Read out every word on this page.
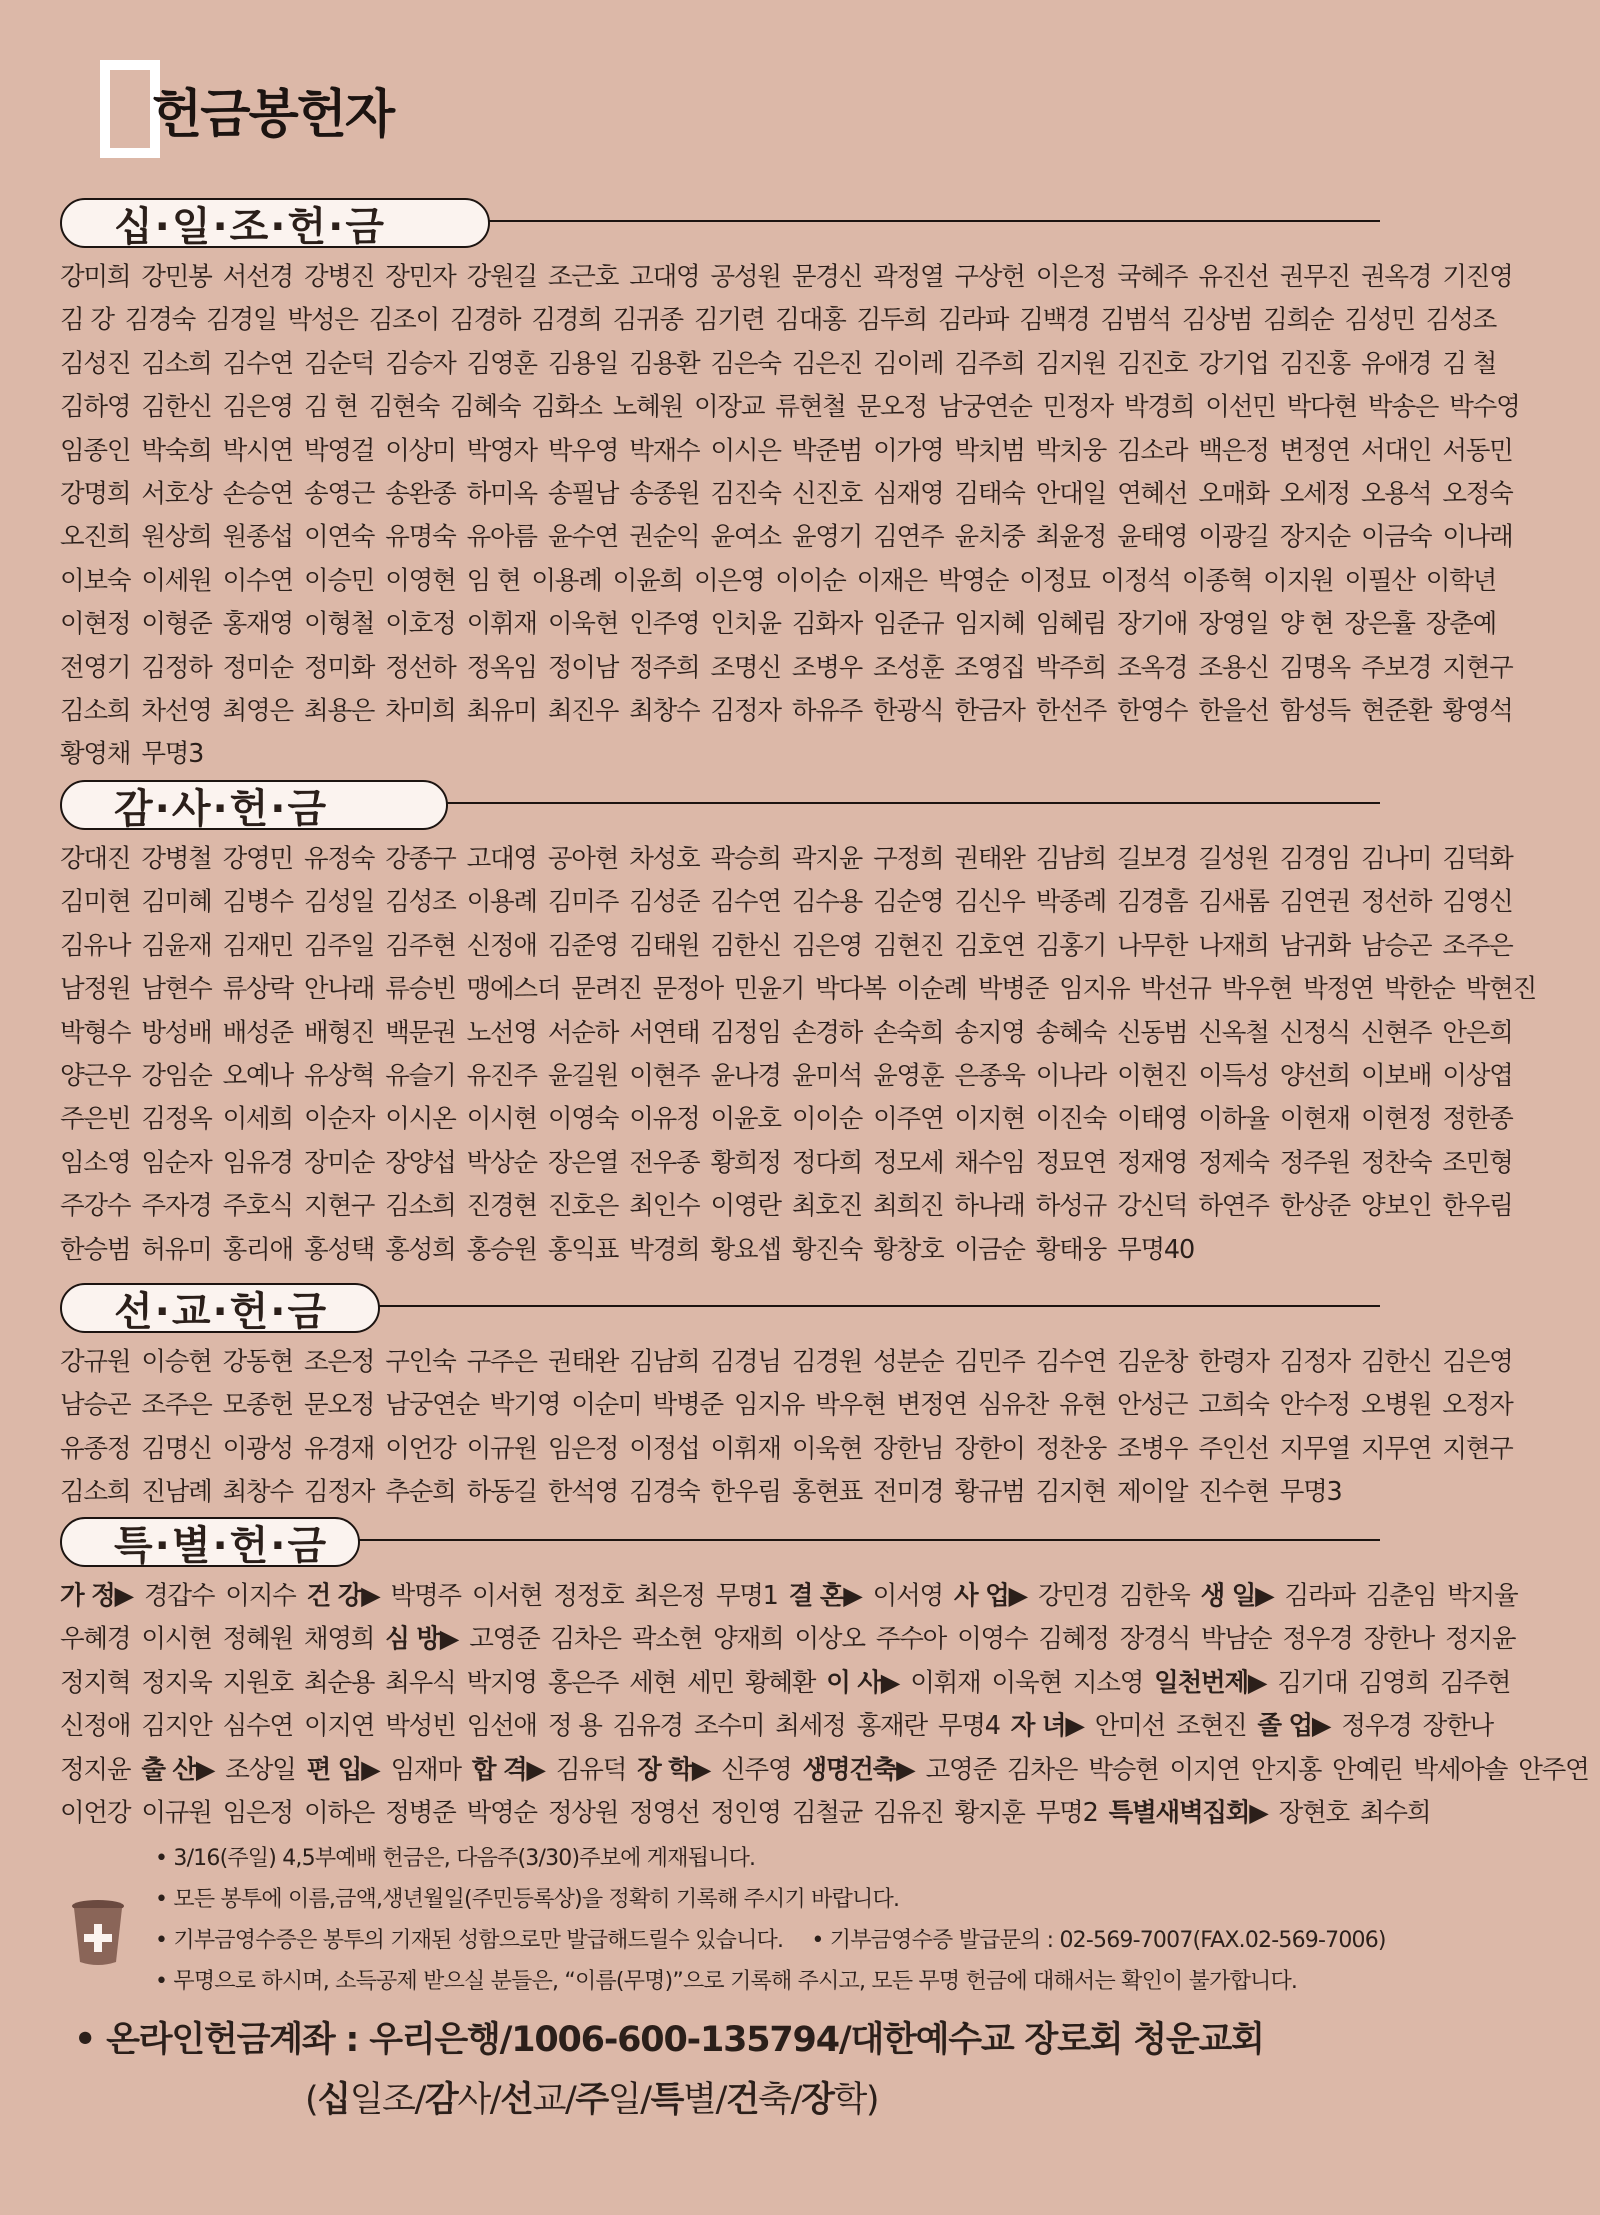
헌금봉헌자
십·일·조·헌·금
강미희 강민봉 서선경 강병진 장민자 강원길 조근호 고대영 공성원 문경신 곽정열 구상헌 이은정 국혜주 유진선 권무진 권옥경 기진영
김 강 김경숙 김경일 박성은 김조이 김경하 김경희 김귀종 김기련 김대홍 김두희 김라파 김백경 김범석 김상범 김희순 김성민 김성조
김성진 김소희 김수연 김순덕 김승자 김영훈 김용일 김용환 김은숙 김은진 김이레 김주희 김지원 김진호 강기업 김진홍 유애경 김 철
김하영 김한신 김은영 김 현 김현숙 김혜숙 김화소 노혜원 이장교 류현철 문오정 남궁연순 민정자 박경희 이선민 박다현 박송은 박수영
임종인 박숙희 박시연 박영걸 이상미 박영자 박우영 박재수 이시은 박준범 이가영 박치범 박치웅 김소라 백은정 변정연 서대인 서동민
강명희 서호상 손승연 송영근 송완종 하미옥 송필남 송종원 김진숙 신진호 심재영 김태숙 안대일 연혜선 오매화 오세정 오용석 오정숙
오진희 원상희 원종섭 이연숙 유명숙 유아름 윤수연 권순익 윤여소 윤영기 김연주 윤치중 최윤정 윤태영 이광길 장지순 이금숙 이나래
이보숙 이세원 이수연 이승민 이영현 임 현 이용례 이윤희 이은영 이이순 이재은 박영순 이정묘 이정석 이종혁 이지원 이필산 이학년
이현정 이형준 홍재영 이형철 이호정 이휘재 이욱현 인주영 인치윤 김화자 임준규 임지혜 임혜림 장기애 장영일 양 현 장은휼 장춘예
전영기 김정하 정미순 정미화 정선하 정옥임 정이남 정주희 조명신 조병우 조성훈 조영집 박주희 조옥경 조용신 김명옥 주보경 지현구
김소희 차선영 최영은 최용은 차미희 최유미 최진우 최창수 김정자 하유주 한광식 한금자 한선주 한영수 한을선 함성득 현준환 황영석
황영채 무명3
감·사·헌·금
강대진 강병철 강영민 유정숙 강종구 고대영 공아현 차성호 곽승희 곽지윤 구정희 권태완 김남희 길보경 길성원 김경임 김나미 김덕화
김미현 김미혜 김병수 김성일 김성조 이용례 김미주 김성준 김수연 김수용 김순영 김신우 박종례 김경흠 김새롬 김연권 정선하 김영신
김유나 김윤재 김재민 김주일 김주현 신정애 김준영 김태원 김한신 김은영 김현진 김호연 김홍기 나무한 나재희 남귀화 남승곤 조주은
남정원 남현수 류상락 안나래 류승빈 맹에스더 문려진 문정아 민윤기 박다복 이순례 박병준 임지유 박선규 박우현 박정연 박한순 박현진
박형수 방성배 배성준 배형진 백문권 노선영 서순하 서연태 김정임 손경하 손숙희 송지영 송혜숙 신동범 신옥철 신정식 신현주 안은희
양근우 강임순 오예나 유상혁 유슬기 유진주 윤길원 이현주 윤나경 윤미석 윤영훈 은종욱 이나라 이현진 이득성 양선희 이보배 이상엽
주은빈 김정옥 이세희 이순자 이시온 이시현 이영숙 이유정 이윤호 이이순 이주연 이지현 이진숙 이태영 이하율 이현재 이현정 정한종
임소영 임순자 임유경 장미순 장양섭 박상순 장은열 전우종 황희정 정다희 정모세 채수임 정묘연 정재영 정제숙 정주원 정찬숙 조민형
주강수 주자경 주호식 지현구 김소희 진경현 진호은 최인수 이영란 최호진 최희진 하나래 하성규 강신덕 하연주 한상준 양보인 한우림
한승범 허유미 홍리애 홍성택 홍성희 홍승원 홍익표 박경희 황요셉 황진숙 황창호 이금순 황태웅 무명40
선·교·헌·금
강규원 이승현 강동현 조은정 구인숙 구주은 권태완 김남희 김경님 김경원 성분순 김민주 김수연 김운창 한령자 김정자 김한신 김은영
남승곤 조주은 모종헌 문오정 남궁연순 박기영 이순미 박병준 임지유 박우현 변정연 심유찬 유현 안성근 고희숙 안수정 오병원 오정자
유종정 김명신 이광성 유경재 이언강 이규원 임은정 이정섭 이휘재 이욱현 장한님 장한이 정찬웅 조병우 주인선 지무열 지무연 지현구
김소희 진남례 최창수 김정자 추순희 하동길 한석영 김경숙 한우림 홍현표 전미경 황규범 김지현 제이알 진수현 무명3
특·별·헌·금
가 정▶ 경갑수 이지수 건 강▶ 박명주 이서현 정정호 최은정 무명1 결 혼▶ 이서영 사 업▶ 강민경 김한욱 생 일▶ 김라파 김춘임 박지율
우혜경 이시현 정혜원 채영희 심 방▶ 고영준 김차은 곽소현 양재희 이상오 주수아 이영수 김혜정 장경식 박남순 정우경 장한나 정지윤
정지혁 정지욱 지원호 최순용 최우식 박지영 홍은주 세현 세민 황혜환 이 사▶ 이휘재 이욱현 지소영 일천번제▶ 김기대 김영희 김주현
신정애 김지안 심수연 이지연 박성빈 임선애 정 용 김유경 조수미 최세정 홍재란 무명4 자 녀▶ 안미선 조현진 졸 업▶ 정우경 장한나
정지윤 출 산▶ 조상일 편 입▶ 임재마 합 격▶ 김유덕 장 학▶ 신주영 생명건축▶ 고영준 김차은 박승현 이지연 안지홍 안예린 박세아솔 안주연
이언강 이규원 임은정 이하은 정병준 박영순 정상원 정영선 정인영 김철균 김유진 황지훈 무명2 특별새벽집회▶ 장현호 최수희
• 3/16(주일) 4,5부예배 헌금은, 다음주(3/30)주보에 게재됩니다.
• 모든 봉투에 이름,금액,생년월일(주민등록상)을 정확히 기록해 주시기 바랍니다.
• 기부금영수증은 봉투의 기재된 성함으로만 발급해드릴수 있습니다. • 기부금영수증 발급문의 : 02-569-7007(FAX.02-569-7006)
• 무명으로 하시며, 소득공제 받으실 분들은, “이름(무명)”으로 기록해 주시고, 모든 무명 헌금에 대해서는 확인이 불가합니다.
• 온라인헌금계좌 : 우리은행/1006-600-135794/대한예수교 장로회 청운교회
(십일조/감사/선교/주일/특별/건축/장학)
